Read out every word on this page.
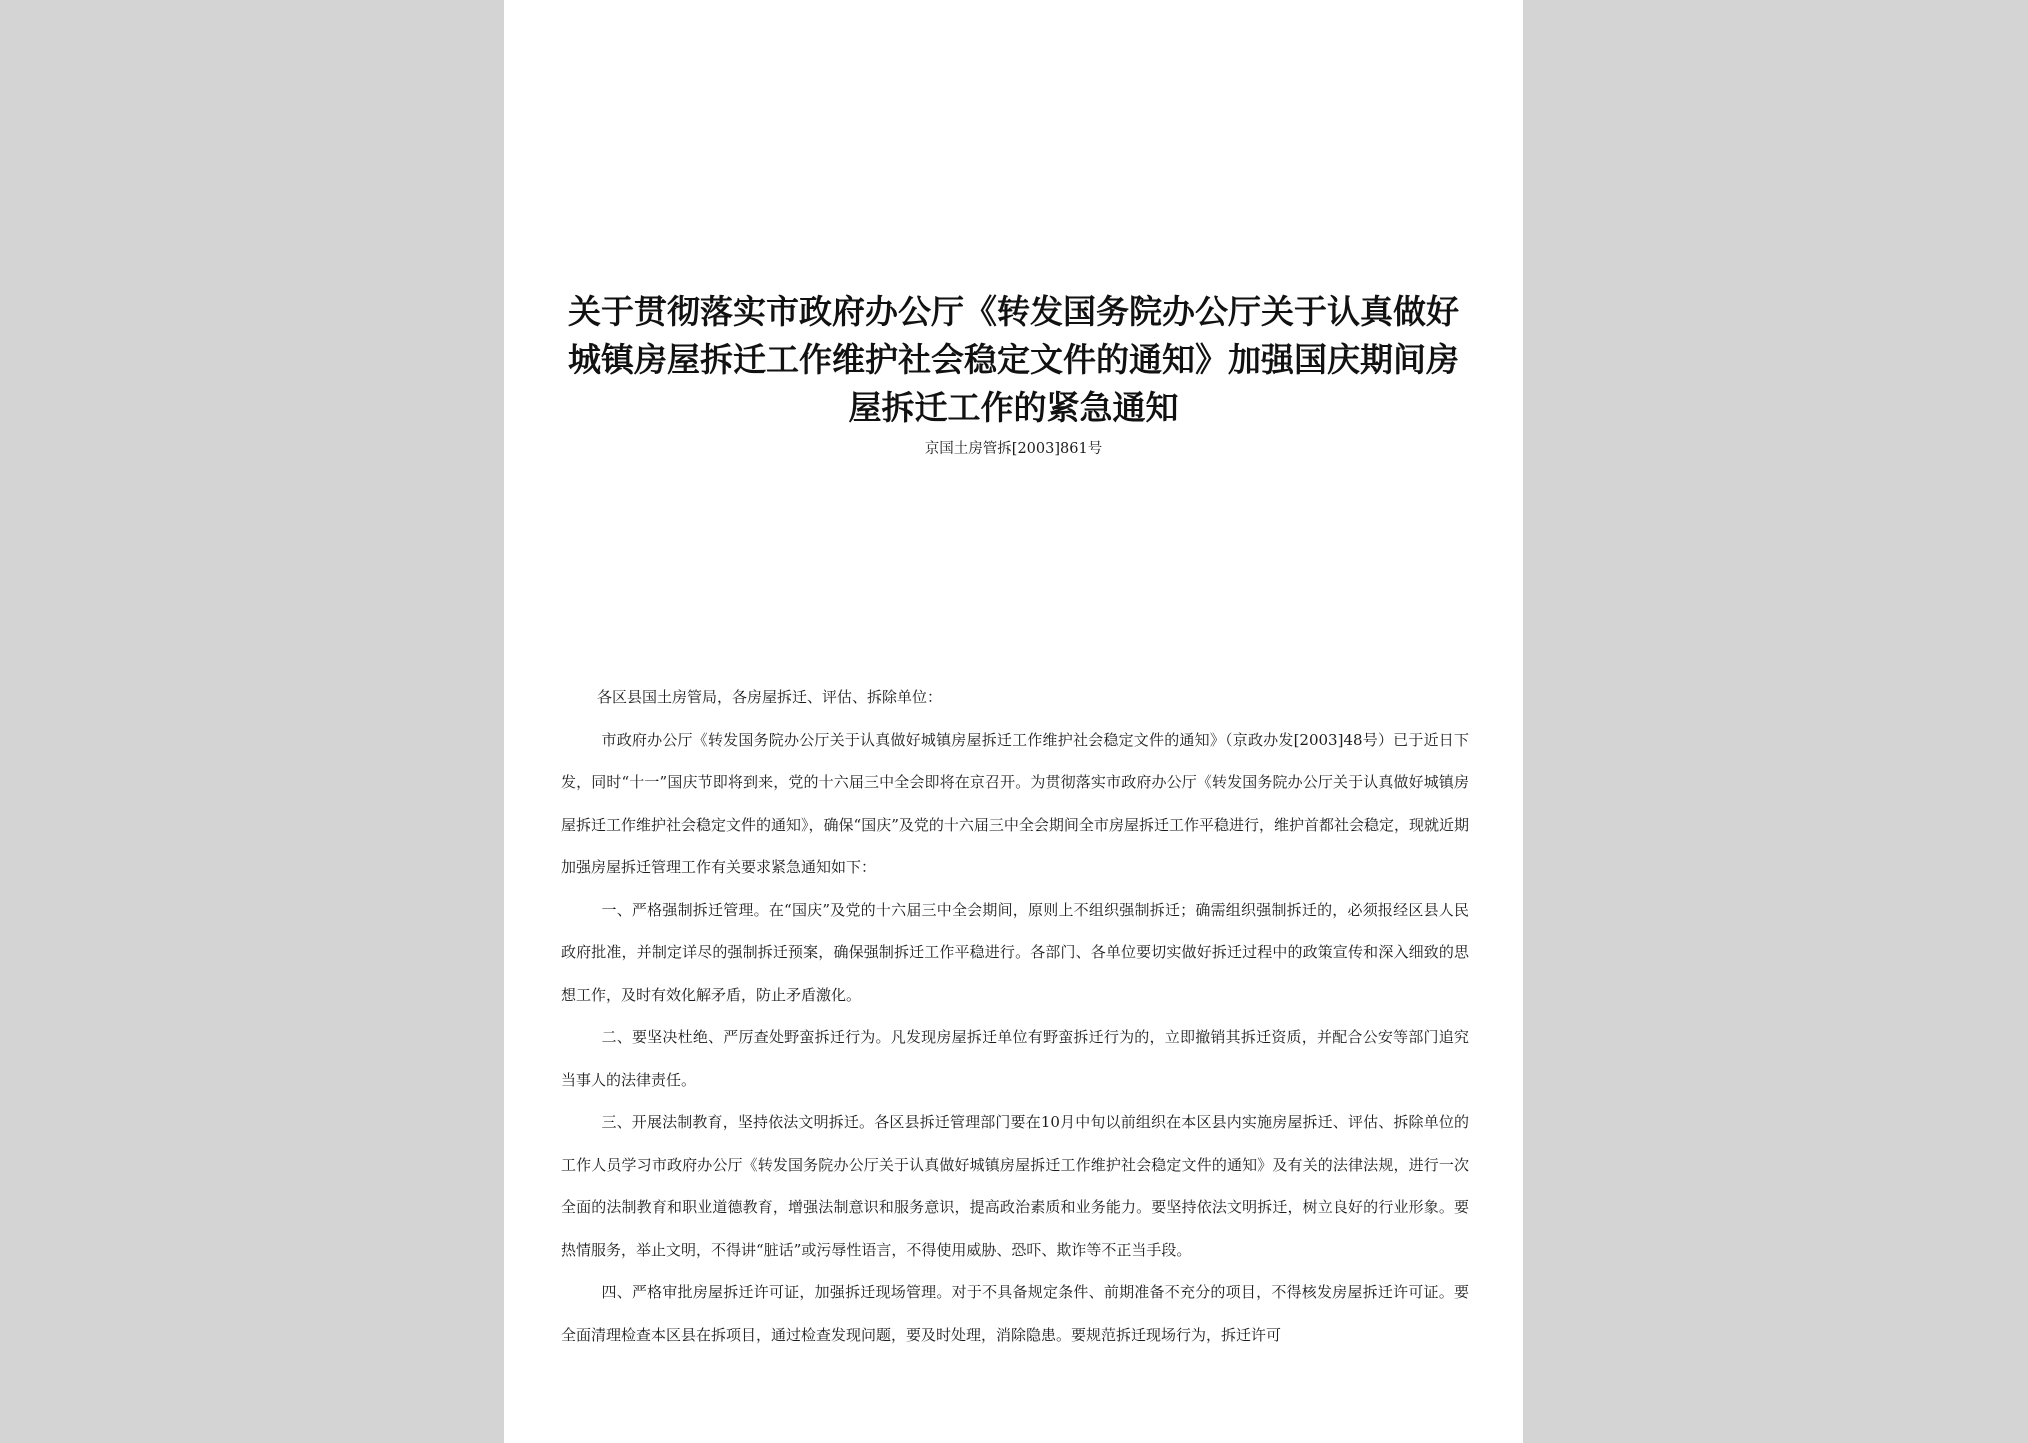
关于贯彻落实市政府办公厅《转发国务院办公厅关于认真做好城镇房屋拆迁工作维护社会稳定文件的通知》加强国庆期间房屋拆迁工作的紧急通知

京国土房管拆[2003]861号

各区县国土房管局，各房屋拆迁、评估、拆除单位：

市政府办公厅《转发国务院办公厅关于认真做好城镇房屋拆迁工作维护社会稳定文件的通知》（京政办发[2003]48号）已于近日下发，同时“十一”国庆节即将到来，党的十六届三中全会即将在京召开。为贯彻落实市政府办公厅《转发国务院办公厅关于认真做好城镇房屋拆迁工作维护社会稳定文件的通知》，确保“国庆”及党的十六届三中全会期间全市房屋拆迁工作平稳进行，维护首都社会稳定，现就近期加强房屋拆迁管理工作有关要求紧急通知如下：

一、严格强制拆迁管理。在“国庆”及党的十六届三中全会期间，原则上不组织强制拆迁；确需组织强制拆迁的，必须报经区县人民政府批准，并制定详尽的强制拆迁预案，确保强制拆迁工作平稳进行。各部门、各单位要切实做好拆迁过程中的政策宣传和深入细致的思想工作，及时有效化解矛盾，防止矛盾激化。

二、要坚决杜绝、严厉查处野蛮拆迁行为。凡发现房屋拆迁单位有野蛮拆迁行为的，立即撤销其拆迁资质，并配合公安等部门追究当事人的法律责任。

三、开展法制教育，坚持依法文明拆迁。各区县拆迁管理部门要在10月中旬以前组织在本区县内实施房屋拆迁、评估、拆除单位的工作人员学习市政府办公厅《转发国务院办公厅关于认真做好城镇房屋拆迁工作维护社会稳定文件的通知》及有关的法律法规，进行一次全面的法制教育和职业道德教育，增强法制意识和服务意识，提高政治素质和业务能力。要坚持依法文明拆迁，树立良好的行业形象。要热情服务，举止文明，不得讲“脏话”或污辱性语言，不得使用威胁、恐吓、欺诈等不正当手段。

四、严格审批房屋拆迁许可证，加强拆迁现场管理。对于不具备规定条件、前期准备不充分的项目，不得核发房屋拆迁许可证。要全面清理检查本区县在拆项目，通过检查发现问题，要及时处理，消除隐患。要规范拆迁现场行为，拆迁许可
